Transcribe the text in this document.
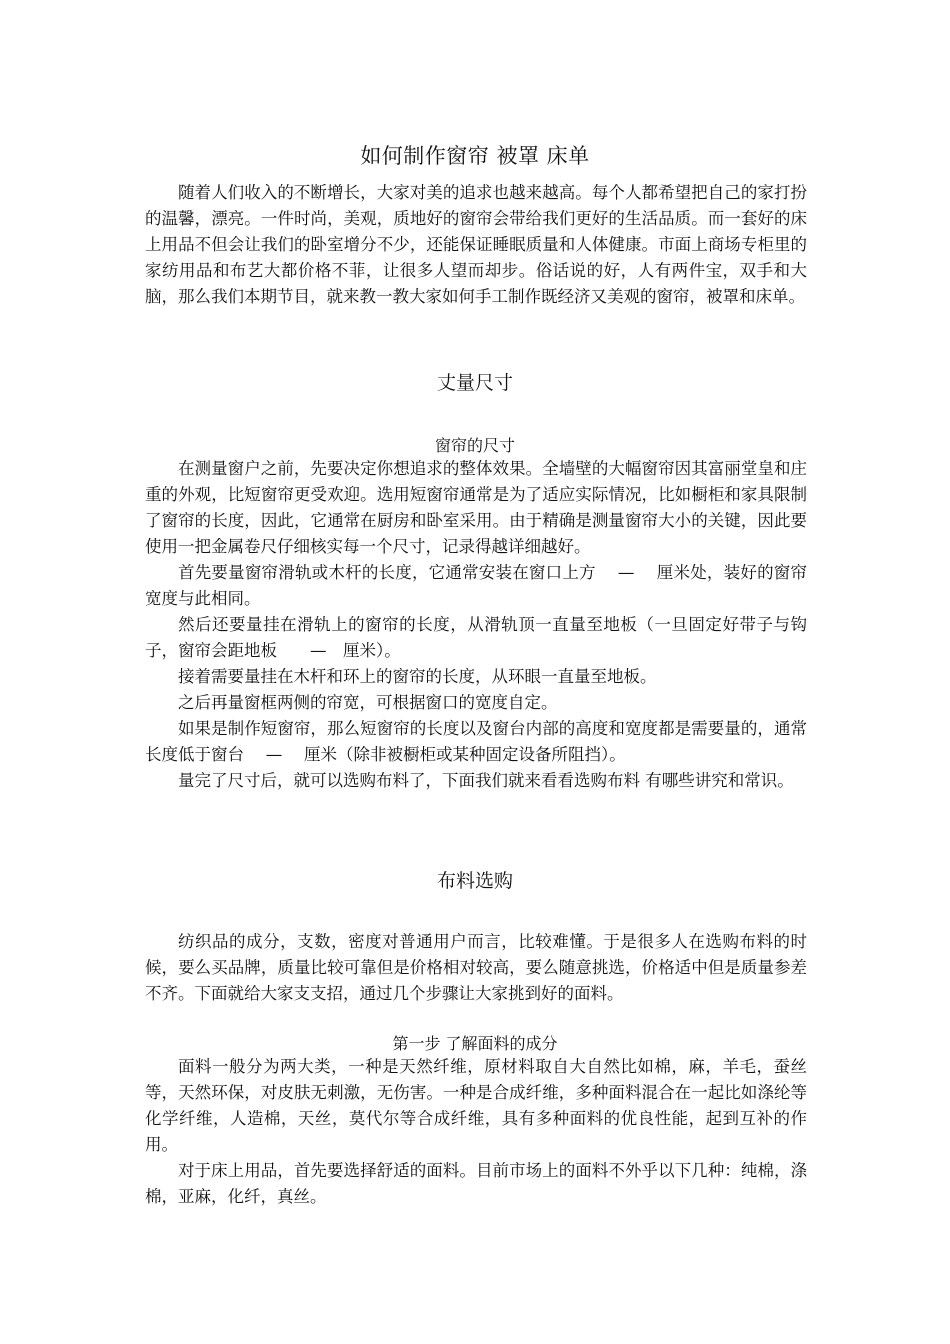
如何制作窗帘 被罩 床单

随着人们收入的不断增长，大家对美的追求也越来越高。每个人都希望把自己的家打扮的温馨，漂亮。一件时尚，美观，质地好的窗帘会带给我们更好的生活品质。而一套好的床上用品不但会让我们的卧室增分不少，还能保证睡眠质量和人体健康。市面上商场专柜里的家纺用品和布艺大都价格不菲，让很多人望而却步。俗话说的好，人有两件宝，双手和大脑，那么我们本期节目，就来教一教大家如何手工制作既经济又美观的窗帘，被罩和床单。

丈量尺寸
窗帘的尺寸

在测量窗户之前，先要决定你想追求的整体效果。全墙壁的大幅窗帘因其富丽堂皇和庄重的外观，比短窗帘更受欢迎。选用短窗帘通常是为了适应实际情况，比如橱柜和家具限制了窗帘的长度，因此，它通常在厨房和卧室采用。由于精确是测量窗帘大小的关键，因此要使用一把金属卷尺仔细核实每一个尺寸，记录得越详细越好。

首先要量窗帘滑轨或木杆的长度，它通常安装在窗口上方　 —　 厘米处，装好的窗帘宽度与此相同。

然后还要量挂在滑轨上的窗帘的长度，从滑轨顶一直量至地板（一旦固定好带子与钩子，窗帘会距地板　　—　厘米）。

接着需要量挂在木杆和环上的窗帘的长度，从环眼一直量至地板。

之后再量窗框两侧的帘宽，可根据窗口的宽度自定。

如果是制作短窗帘，那么短窗帘的长度以及窗台内部的高度和宽度都是需要量的，通常长度低于窗台　 —　 厘米（除非被橱柜或某种固定设备所阻挡）。

量完了尺寸后，就可以选购布料了，下面我们就来看看选购布料 有哪些讲究和常识。

布料选购

纺织品的成分，支数，密度对普通用户而言，比较难懂。于是很多人在选购布料的时候，要么买品牌，质量比较可靠但是价格相对较高，要么随意挑选，价格适中但是质量参差不齐。下面就给大家支支招，通过几个步骤让大家挑到好的面料。

第一步 了解面料的成分

面料一般分为两大类，一种是天然纤维，原材料取自大自然比如棉，麻，羊毛，蚕丝等，天然环保，对皮肤无刺激，无伤害。一种是合成纤维，多种面料混合在一起比如涤纶等化学纤维，人造棉，天丝，莫代尔等合成纤维，具有多种面料的优良性能，起到互补的作用。

对于床上用品，首先要选择舒适的面料。目前市场上的面料不外乎以下几种：纯棉，涤棉，亚麻，化纤，真丝。
